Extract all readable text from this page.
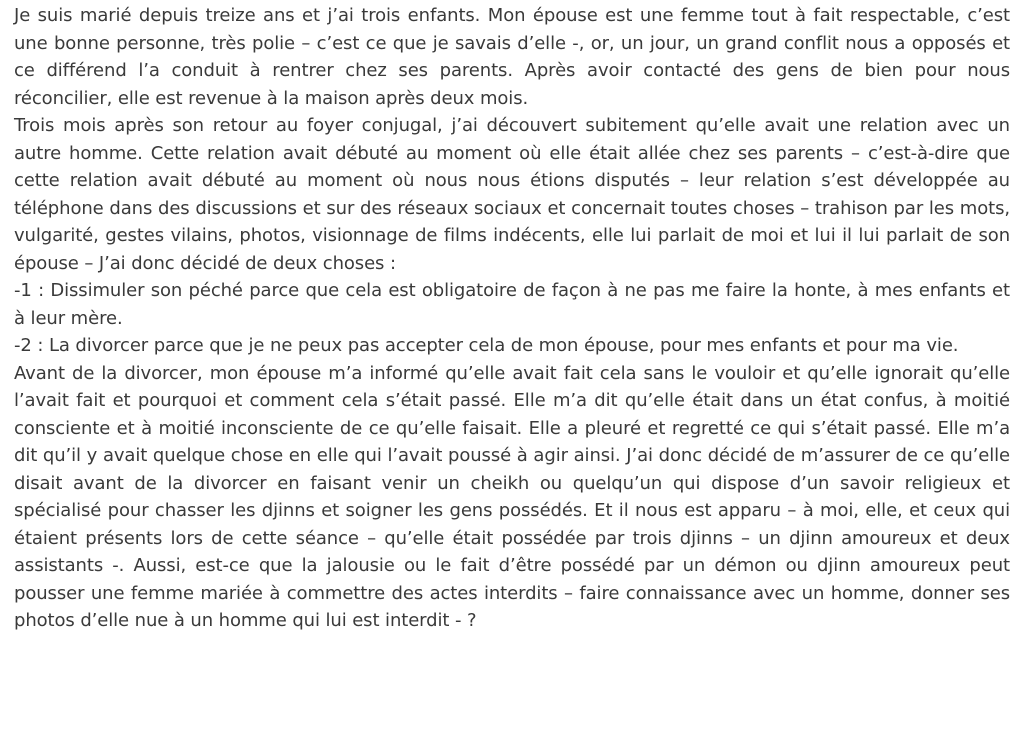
Je suis marié depuis treize ans et j’ai trois enfants. Mon épouse est une femme tout à fait respectable, c’est une bonne personne, très polie – c’est ce que je savais d’elle -, or, un jour, un grand conflit nous a opposés et ce différend l’a conduit à rentrer chez ses parents. Après avoir contacté des gens de bien pour nous réconcilier, elle est revenue à la maison après deux mois.

Trois mois après son retour au foyer conjugal, j’ai découvert subitement qu’elle avait une relation avec un autre homme. Cette relation avait débuté au moment où elle était allée chez ses parents – c’est-à-dire que cette relation avait débuté au moment où nous nous étions disputés – leur relation s’est développée au téléphone dans des discussions et sur des réseaux sociaux et concernait toutes choses – trahison par les mots, vulgarité, gestes vilains, photos, visionnage de films indécents, elle lui parlait de moi et lui il lui parlait de son épouse – J’ai donc décidé de deux choses :

-1 : Dissimuler son péché parce que cela est obligatoire de façon à ne pas me faire la honte, à mes enfants et à leur mère.

-2 : La divorcer parce que je ne peux pas accepter cela de mon épouse, pour mes enfants et pour ma vie.

Avant de la divorcer, mon épouse m’a informé qu’elle avait fait cela sans le vouloir et qu’elle ignorait qu’elle l’avait fait et pourquoi et comment cela s’était passé. Elle m’a dit qu’elle était dans un état confus, à moitié consciente et à moitié inconsciente de ce qu’elle faisait. Elle a pleuré et regretté ce qui s’était passé. Elle m’a dit qu’il y avait quelque chose en elle qui l’avait poussé à agir ainsi. J’ai donc décidé de m’assurer de ce qu’elle disait avant de la divorcer en faisant venir un cheikh ou quelqu’un qui dispose d’un savoir religieux et spécialisé pour chasser les djinns et soigner les gens possédés. Et il nous est apparu – à moi, elle, et ceux qui étaient présents lors de cette séance – qu’elle était possédée par trois djinns – un djinn amoureux et deux assistants -. Aussi, est-ce que la jalousie ou le fait d’être possédé par un démon ou djinn amoureux peut pousser une femme mariée à commettre des actes interdits – faire connaissance avec un homme, donner ses photos d’elle nue à un homme qui lui est interdit - ?
